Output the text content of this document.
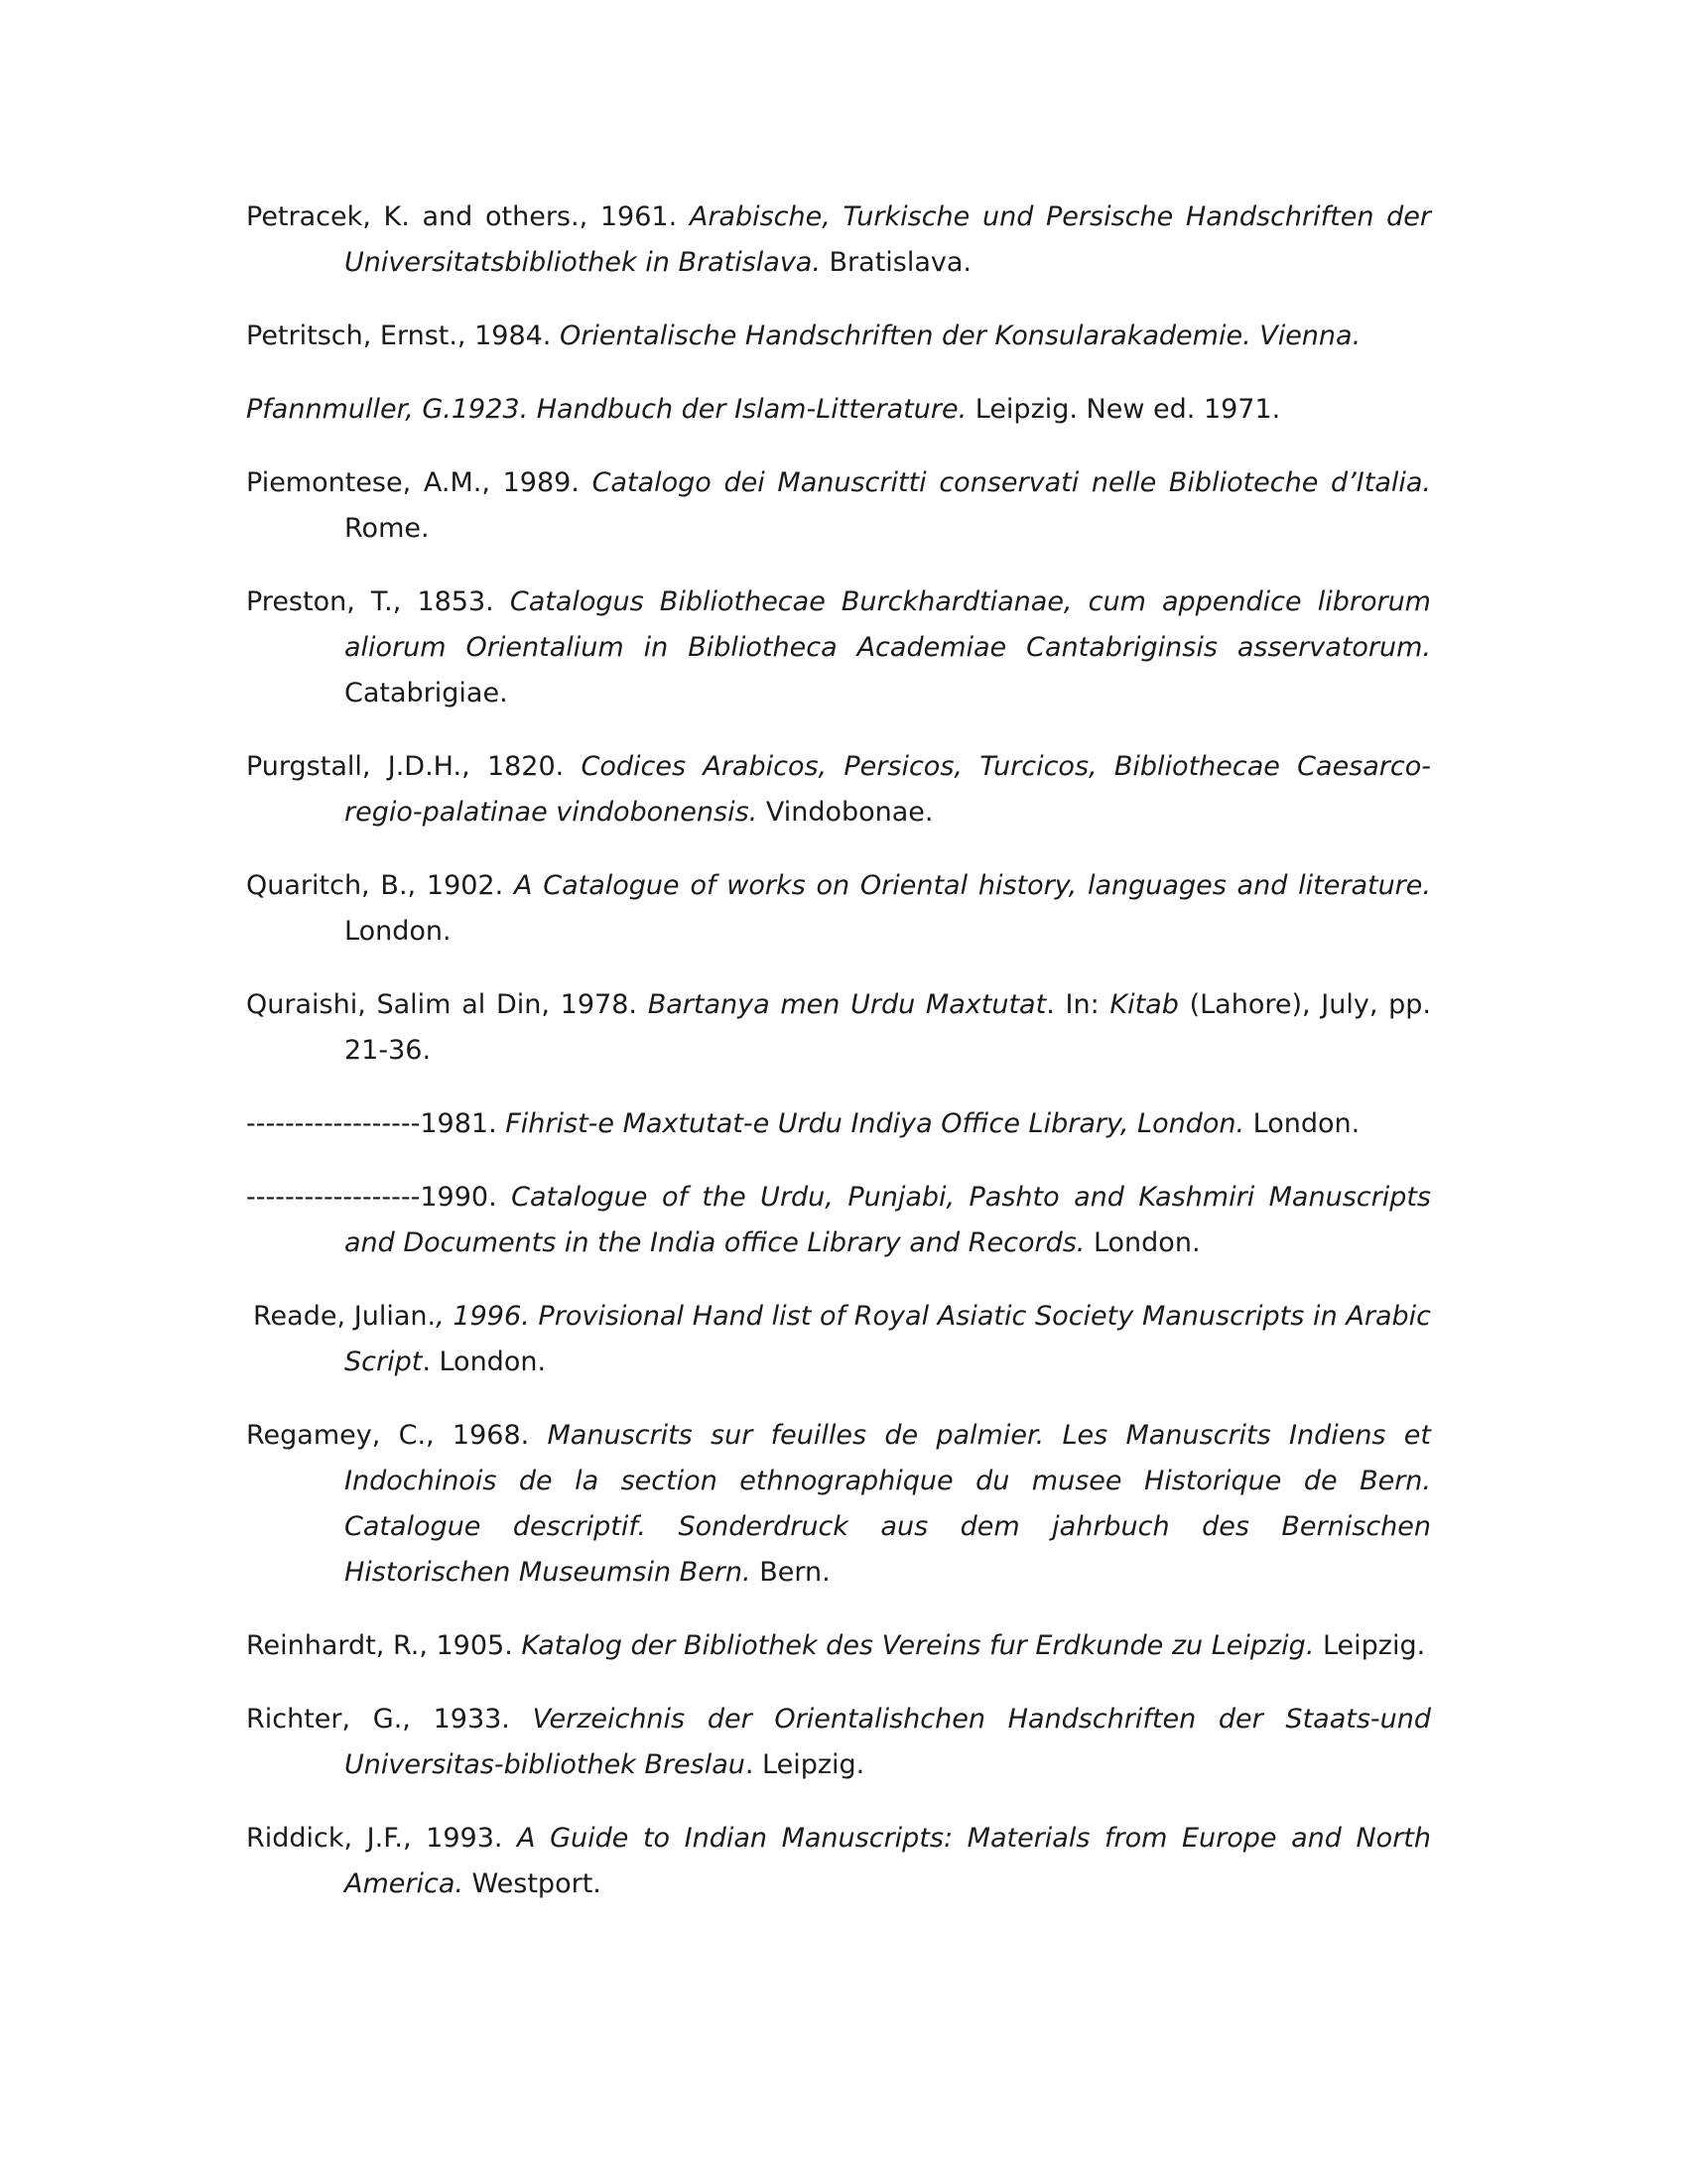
Petracek, K. and others., 1961. Arabische, Turkische und Persische Handschriften der Universitatsbibliothek in Bratislava. Bratislava.

Petritsch, Ernst., 1984. Orientalische Handschriften der Konsularakademie. Vienna.

Pfannmuller, G.1923. Handbuch der Islam-Litterature. Leipzig. New ed. 1971.

Piemontese, A.M., 1989. Catalogo dei Manuscritti conservati nelle Biblioteche d’Italia. Rome.

Preston, T., 1853. Catalogus Bibliothecae Burckhardtianae, cum appendice librorum aliorum Orientalium in Bibliotheca Academiae Cantabriginsis asservatorum. Catabrigiae.

Purgstall, J.D.H., 1820. Codices Arabicos, Persicos, Turcicos, Bibliothecae Caesarco-regio-palatinae vindobonensis. Vindobonae.

Quaritch, B., 1902. A Catalogue of works on Oriental history, languages and literature. London.

Quraishi, Salim al Din, 1978. Bartanya men Urdu Maxtutat. In: Kitab (Lahore), July, pp. 21-36.

------------------1981. Fihrist-e Maxtutat-e Urdu Indiya Office Library, London. London.

------------------1990. Catalogue of the Urdu, Punjabi, Pashto and Kashmiri Manuscripts and Documents in the India office Library and Records. London.

Reade, Julian., 1996. Provisional Hand list of Royal Asiatic Society Manuscripts in Arabic Script. London.

Regamey, C., 1968. Manuscrits sur feuilles de palmier. Les Manuscrits Indiens et Indochinois de la section ethnographique du musee Historique de Bern. Catalogue descriptif. Sonderdruck aus dem jahrbuch des Bernischen Historischen Museumsin Bern. Bern.

Reinhardt, R., 1905. Katalog der Bibliothek des Vereins fur Erdkunde zu Leipzig. Leipzig.

Richter, G., 1933. Verzeichnis der Orientalishchen Handschriften der Staats-und Universitas-bibliothek Breslau. Leipzig.

Riddick, J.F., 1993. A Guide to Indian Manuscripts: Materials from Europe and North America. Westport.
